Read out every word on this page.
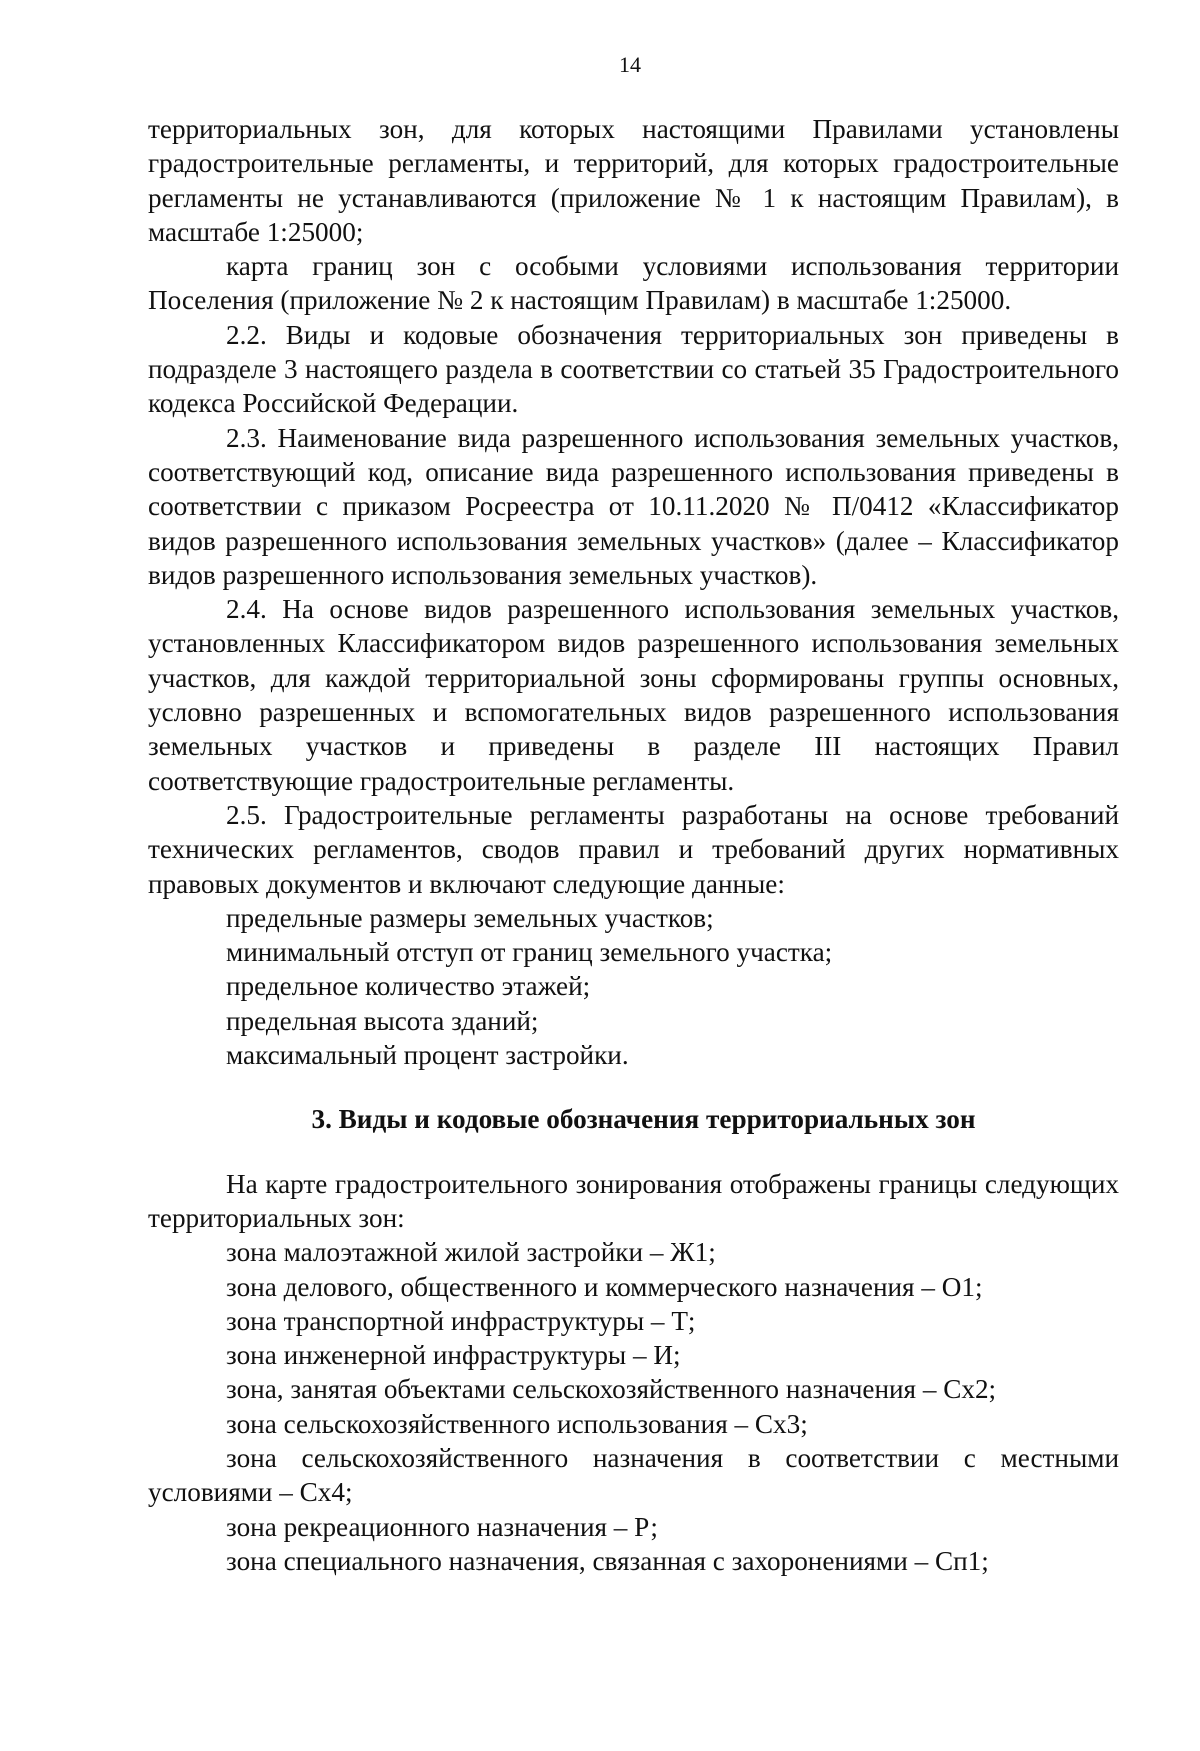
14

территориальных зон, для которых настоящими Правилами установлены градостроительные регламенты, и территорий, для которых градостроительные регламенты не устанавливаются (приложение № 1 к настоящим Правилам), в масштабе 1:25000;

карта границ зон с особыми условиями использования территории Поселения (приложение № 2 к настоящим Правилам) в масштабе 1:25000.

2.2. Виды и кодовые обозначения территориальных зон приведены в подразделе 3 настоящего раздела в соответствии со статьей 35 Градостроительного кодекса Российской Федерации.

2.3. Наименование вида разрешенного использования земельных участков, соответствующий код, описание вида разрешенного использования приведены в соответствии с приказом Росреестра от 10.11.2020 № П/0412 «Классификатор видов разрешенного использования земельных участков» (далее – Классификатор видов разрешенного использования земельных участков).

2.4. На основе видов разрешенного использования земельных участков, установленных Классификатором видов разрешенного использования земельных участков, для каждой территориальной зоны сформированы группы основных, условно разрешенных и вспомогательных видов разрешенного использования земельных участков и приведены в разделе III настоящих Правил соответствующие градостроительные регламенты.

2.5. Градостроительные регламенты разработаны на основе требований технических регламентов, сводов правил и требований других нормативных правовых документов и включают следующие данные:

предельные размеры земельных участков;

минимальный отступ от границ земельного участка;

предельное количество этажей;

предельная высота зданий;

максимальный процент застройки.

3. Виды и кодовые обозначения территориальных зон

На карте градостроительного зонирования отображены границы следующих территориальных зон:

зона малоэтажной жилой застройки – Ж1;

зона делового, общественного и коммерческого назначения – О1;

зона транспортной инфраструктуры – Т;

зона инженерной инфраструктуры – И;

зона, занятая объектами сельскохозяйственного назначения – Сх2;

зона сельскохозяйственного использования – Сх3;

зона сельскохозяйственного назначения в соответствии с местными условиями – Сх4;

зона рекреационного назначения – Р;

зона специального назначения, связанная с захоронениями – Сп1;
